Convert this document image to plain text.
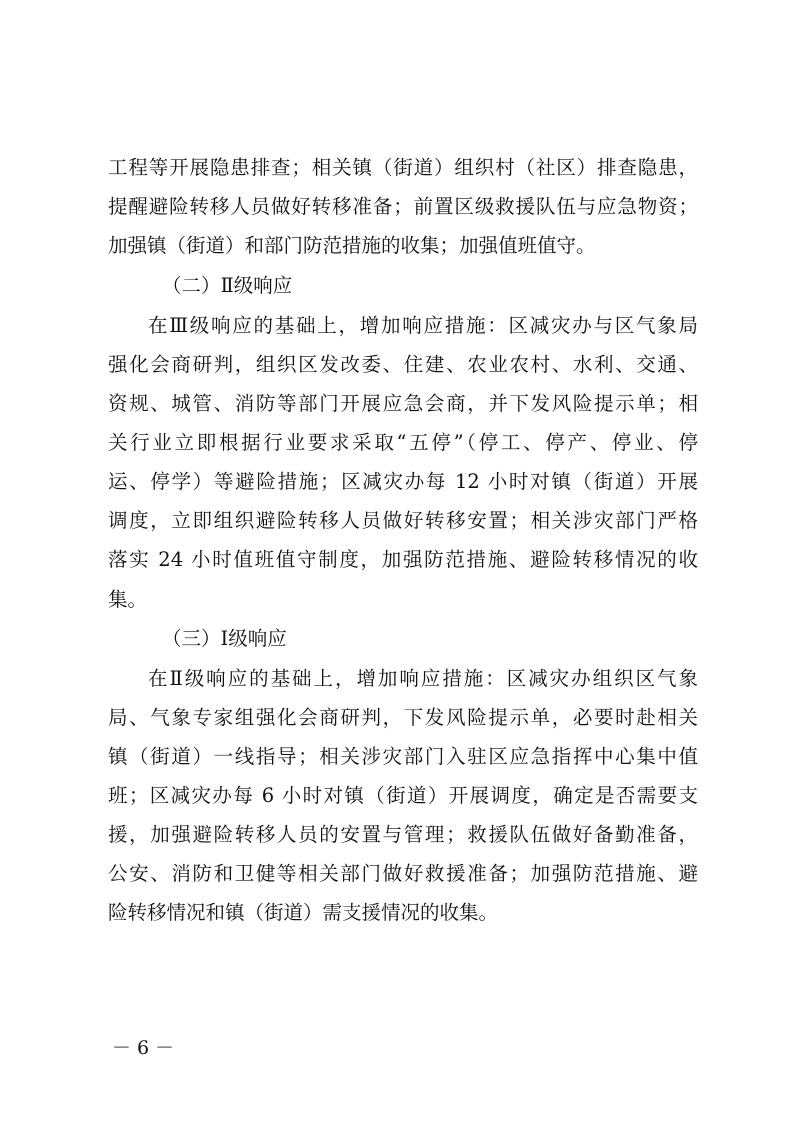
工程等开展隐患排查；相关镇（街道）组织村（社区）排查隐患，
提醒避险转移人员做好转移准备；前置区级救援队伍与应急物资；
加强镇（街道）和部门防范措施的收集；加强值班值守。
（二）Ⅱ级响应
在Ⅲ级响应的基础上，增加响应措施：区减灾办与区气象局
强化会商研判，组织区发改委、住建、农业农村、水利、交通、
资规、城管、消防等部门开展应急会商，并下发风险提示单；相
关行业立即根据行业要求采取“五停”（停工、停产、停业、停
运、停学）等避险措施；区减灾办每 12 小时对镇（街道）开展
调度，立即组织避险转移人员做好转移安置；相关涉灾部门严格
落实 24 小时值班值守制度，加强防范措施、避险转移情况的收
集。
（三）Ⅰ级响应
在Ⅱ级响应的基础上，增加响应措施：区减灾办组织区气象
局、气象专家组强化会商研判，下发风险提示单，必要时赴相关
镇（街道）一线指导；相关涉灾部门入驻区应急指挥中心集中值
班；区减灾办每 6 小时对镇（街道）开展调度，确定是否需要支
援，加强避险转移人员的安置与管理；救援队伍做好备勤准备，
公安、消防和卫健等相关部门做好救援准备；加强防范措施、避
险转移情况和镇（街道）需支援情况的收集。
－ 6 －
